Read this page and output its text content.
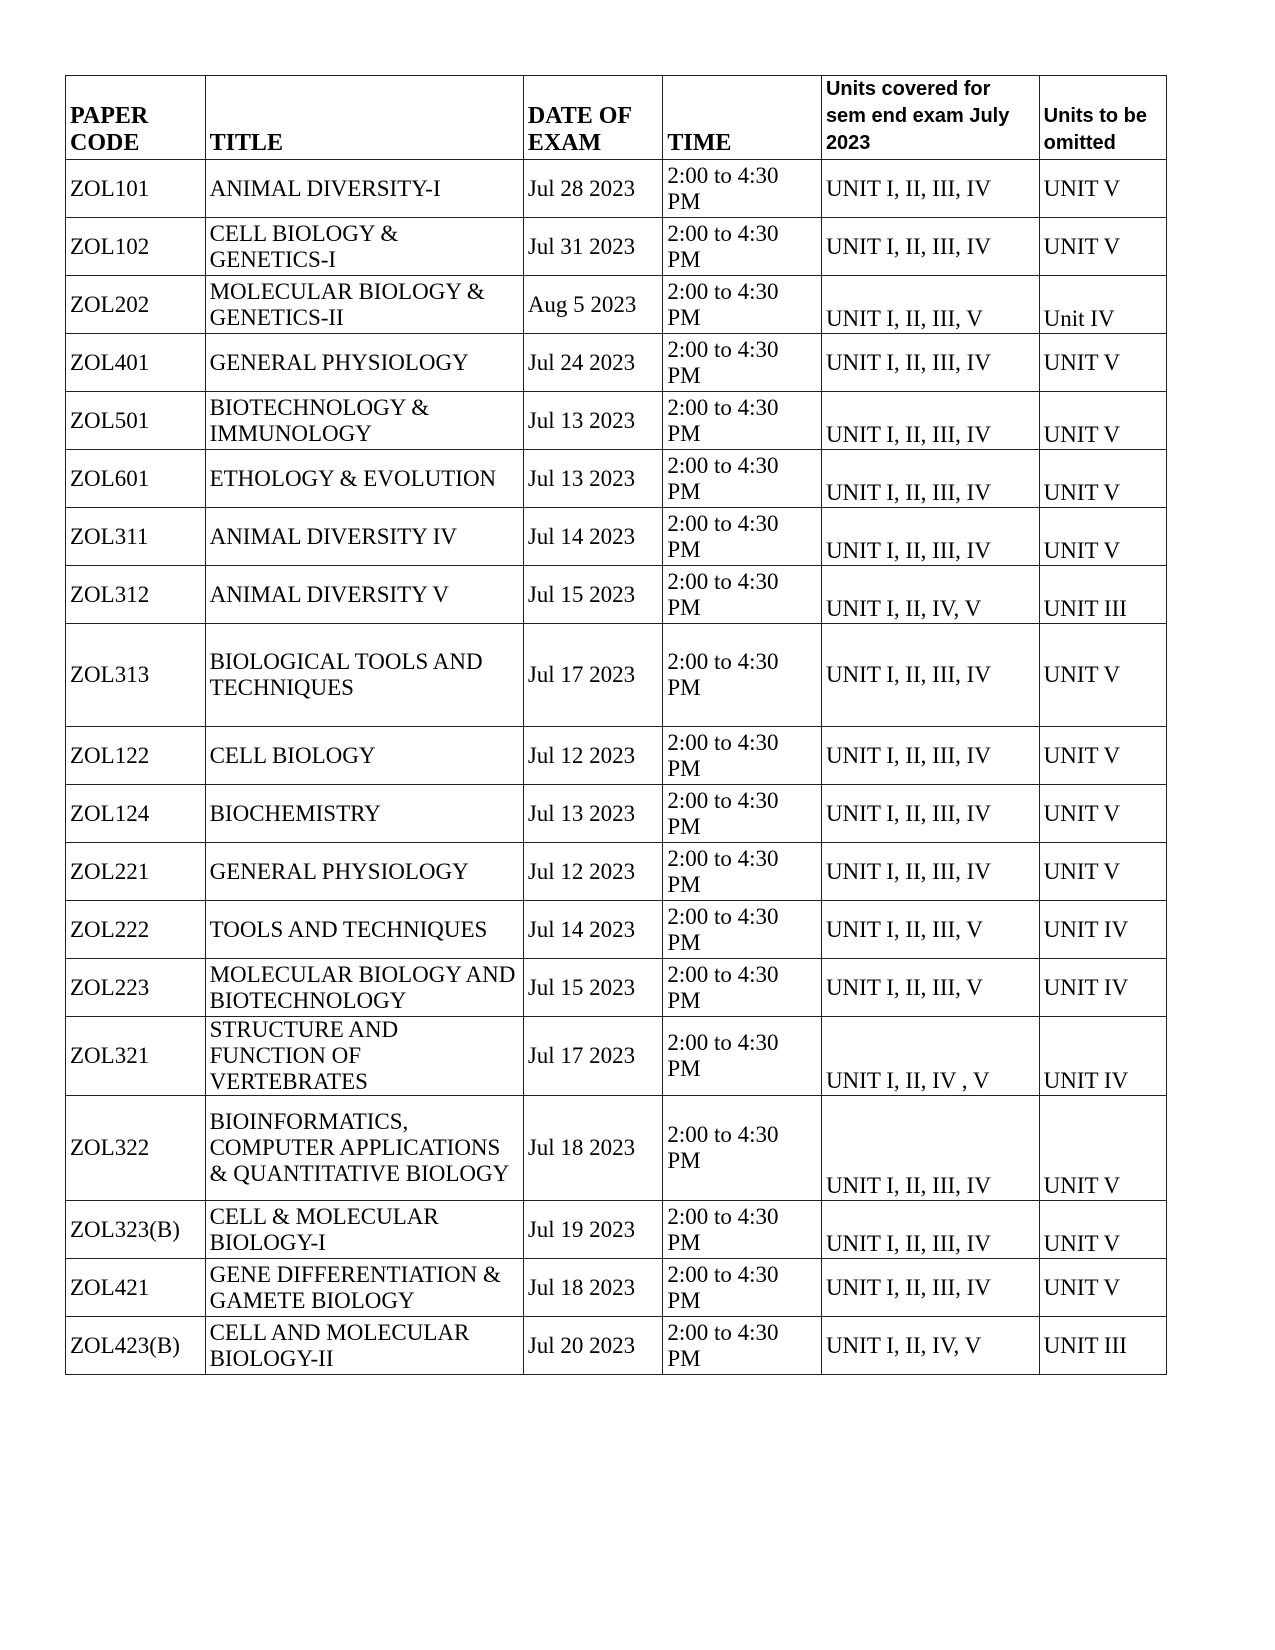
PAPER CODE	TITLE	DATE OF EXAM	TIME	Units covered for sem end exam July 2023	Units to be omitted
ZOL101	ANIMAL DIVERSITY-I	Jul 28 2023	2:00 to 4:30 PM	UNIT I, II, III, IV	UNIT V
ZOL102	CELL BIOLOGY & GENETICS-I	Jul 31 2023	2:00 to 4:30 PM	UNIT I, II, III, IV	UNIT V
ZOL202	MOLECULAR BIOLOGY & GENETICS-II	Aug 5 2023	2:00 to 4:30 PM	UNIT I, II, III, V	Unit IV
ZOL401	GENERAL PHYSIOLOGY	Jul 24 2023	2:00 to 4:30 PM	UNIT I, II, III, IV	UNIT V
ZOL501	BIOTECHNOLOGY & IMMUNOLOGY	Jul 13 2023	2:00 to 4:30 PM	UNIT I, II, III, IV	UNIT V
ZOL601	ETHOLOGY & EVOLUTION	Jul 13 2023	2:00 to 4:30 PM	UNIT I, II, III, IV	UNIT V
ZOL311	ANIMAL DIVERSITY IV	Jul 14 2023	2:00 to 4:30 PM	UNIT I, II, III, IV	UNIT V
ZOL312	ANIMAL DIVERSITY V	Jul 15 2023	2:00 to 4:30 PM	UNIT I, II, IV, V	UNIT III
ZOL313	BIOLOGICAL TOOLS AND TECHNIQUES	Jul 17 2023	2:00 to 4:30 PM	UNIT I, II, III, IV	UNIT V
ZOL122	CELL BIOLOGY	Jul 12 2023	2:00 to 4:30 PM	UNIT I, II, III, IV	UNIT V
ZOL124	BIOCHEMISTRY	Jul 13 2023	2:00 to 4:30 PM	UNIT I, II, III, IV	UNIT V
ZOL221	GENERAL PHYSIOLOGY	Jul 12 2023	2:00 to 4:30 PM	UNIT I, II, III, IV	UNIT V
ZOL222	TOOLS AND TECHNIQUES	Jul 14 2023	2:00 to 4:30 PM	UNIT I, II, III, V	UNIT IV
ZOL223	MOLECULAR BIOLOGY AND BIOTECHNOLOGY	Jul 15 2023	2:00 to 4:30 PM	UNIT I, II, III, V	UNIT IV
ZOL321	STRUCTURE AND FUNCTION OF VERTEBRATES	Jul 17 2023	2:00 to 4:30 PM	UNIT I, II, IV , V	UNIT IV
ZOL322	BIOINFORMATICS, COMPUTER APPLICATIONS & QUANTITATIVE BIOLOGY	Jul 18 2023	2:00 to 4:30 PM	UNIT I, II, III, IV	UNIT V
ZOL323(B)	CELL & MOLECULAR BIOLOGY-I	Jul 19 2023	2:00 to 4:30 PM	UNIT I, II, III, IV	UNIT V
ZOL421	GENE DIFFERENTIATION & GAMETE BIOLOGY	Jul 18 2023	2:00 to 4:30 PM	UNIT I, II, III, IV	UNIT V
ZOL423(B)	CELL AND MOLECULAR BIOLOGY-II	Jul 20 2023	2:00 to 4:30 PM	UNIT I, II, IV, V	UNIT III
